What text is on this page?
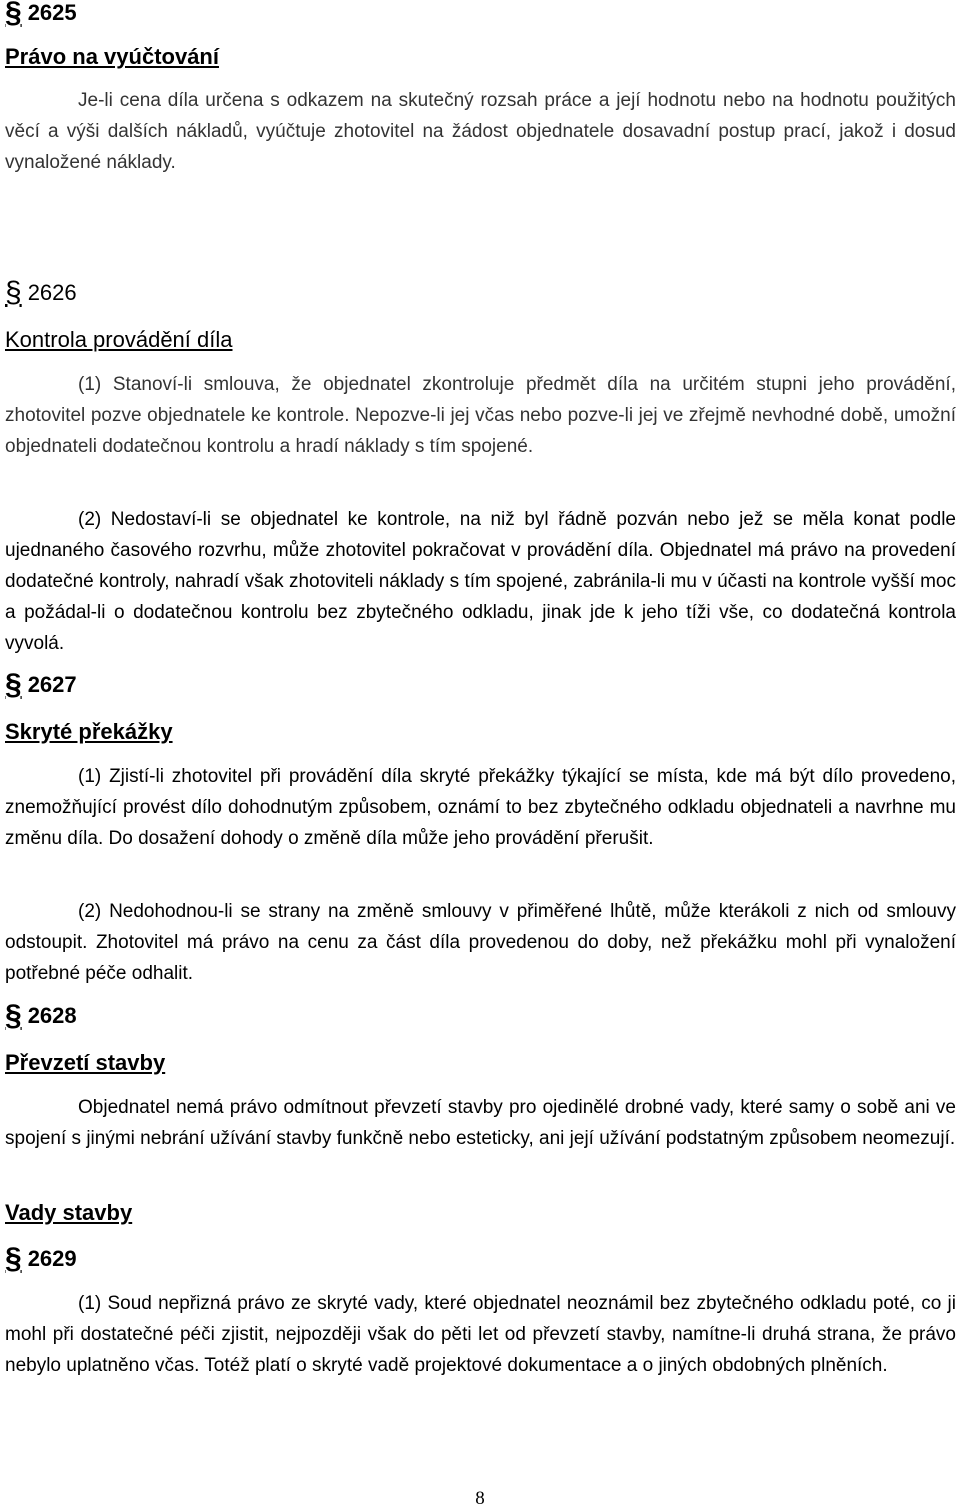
§ 2625
Právo na vyúčtování

Je-li cena díla určena s odkazem na skutečný rozsah práce a její hodnotu nebo na hodnotu použitých věcí a výši dalších nákladů, vyúčtuje zhotovitel na žádost objednatele dosavadní postup prací, jakož i dosud vynaložené náklady.

§ 2626
Kontrola provádění díla

(1) Stanoví-li smlouva, že objednatel zkontroluje předmět díla na určitém stupni jeho provádění, zhotovitel pozve objednatele ke kontrole. Nepozve-li jej včas nebo pozve-li jej ve zřejmě nevhodné době, umožní objednateli dodatečnou kontrolu a hradí náklady s tím spojené.

(2) Nedostaví-li se objednatel ke kontrole, na niž byl řádně pozván nebo jež se měla konat podle ujednaného časového rozvrhu, může zhotovitel pokračovat v provádění díla. Objednatel má právo na provedení dodatečné kontroly, nahradí však zhotoviteli náklady s tím spojené, zabránila-li mu v účasti na kontrole vyšší moc a požádal-li o dodatečnou kontrolu bez zbytečného odkladu, jinak jde k jeho tíži vše, co dodatečná kontrola vyvolá.

§ 2627
Skryté překážky

(1) Zjistí-li zhotovitel při provádění díla skryté překážky týkající se místa, kde má být dílo provedeno, znemožňující provést dílo dohodnutým způsobem, oznámí to bez zbytečného odkladu objednateli a navrhne mu změnu díla. Do dosažení dohody o změně díla může jeho provádění přerušit.

(2) Nedohodnou-li se strany na změně smlouvy v přiměřené lhůtě, může kterákoli z nich od smlouvy odstoupit. Zhotovitel má právo na cenu za část díla provedenou do doby, než překážku mohl při vynaložení potřebné péče odhalit.

§ 2628
Převzetí stavby

Objednatel nemá právo odmítnout převzetí stavby pro ojedinělé drobné vady, které samy o sobě ani ve spojení s jinými nebrání užívání stavby funkčně nebo esteticky, ani její užívání podstatným způsobem neomezují.

Vady stavby
§ 2629

(1) Soud nepřizná právo ze skryté vady, které objednatel neoznámil bez zbytečného odkladu poté, co ji mohl při dostatečné péči zjistit, nejpozději však do pěti let od převzetí stavby, namítne-li druhá strana, že právo nebylo uplatněno včas. Totéž platí o skryté vadě projektové dokumentace a o jiných obdobných plněních.

8
